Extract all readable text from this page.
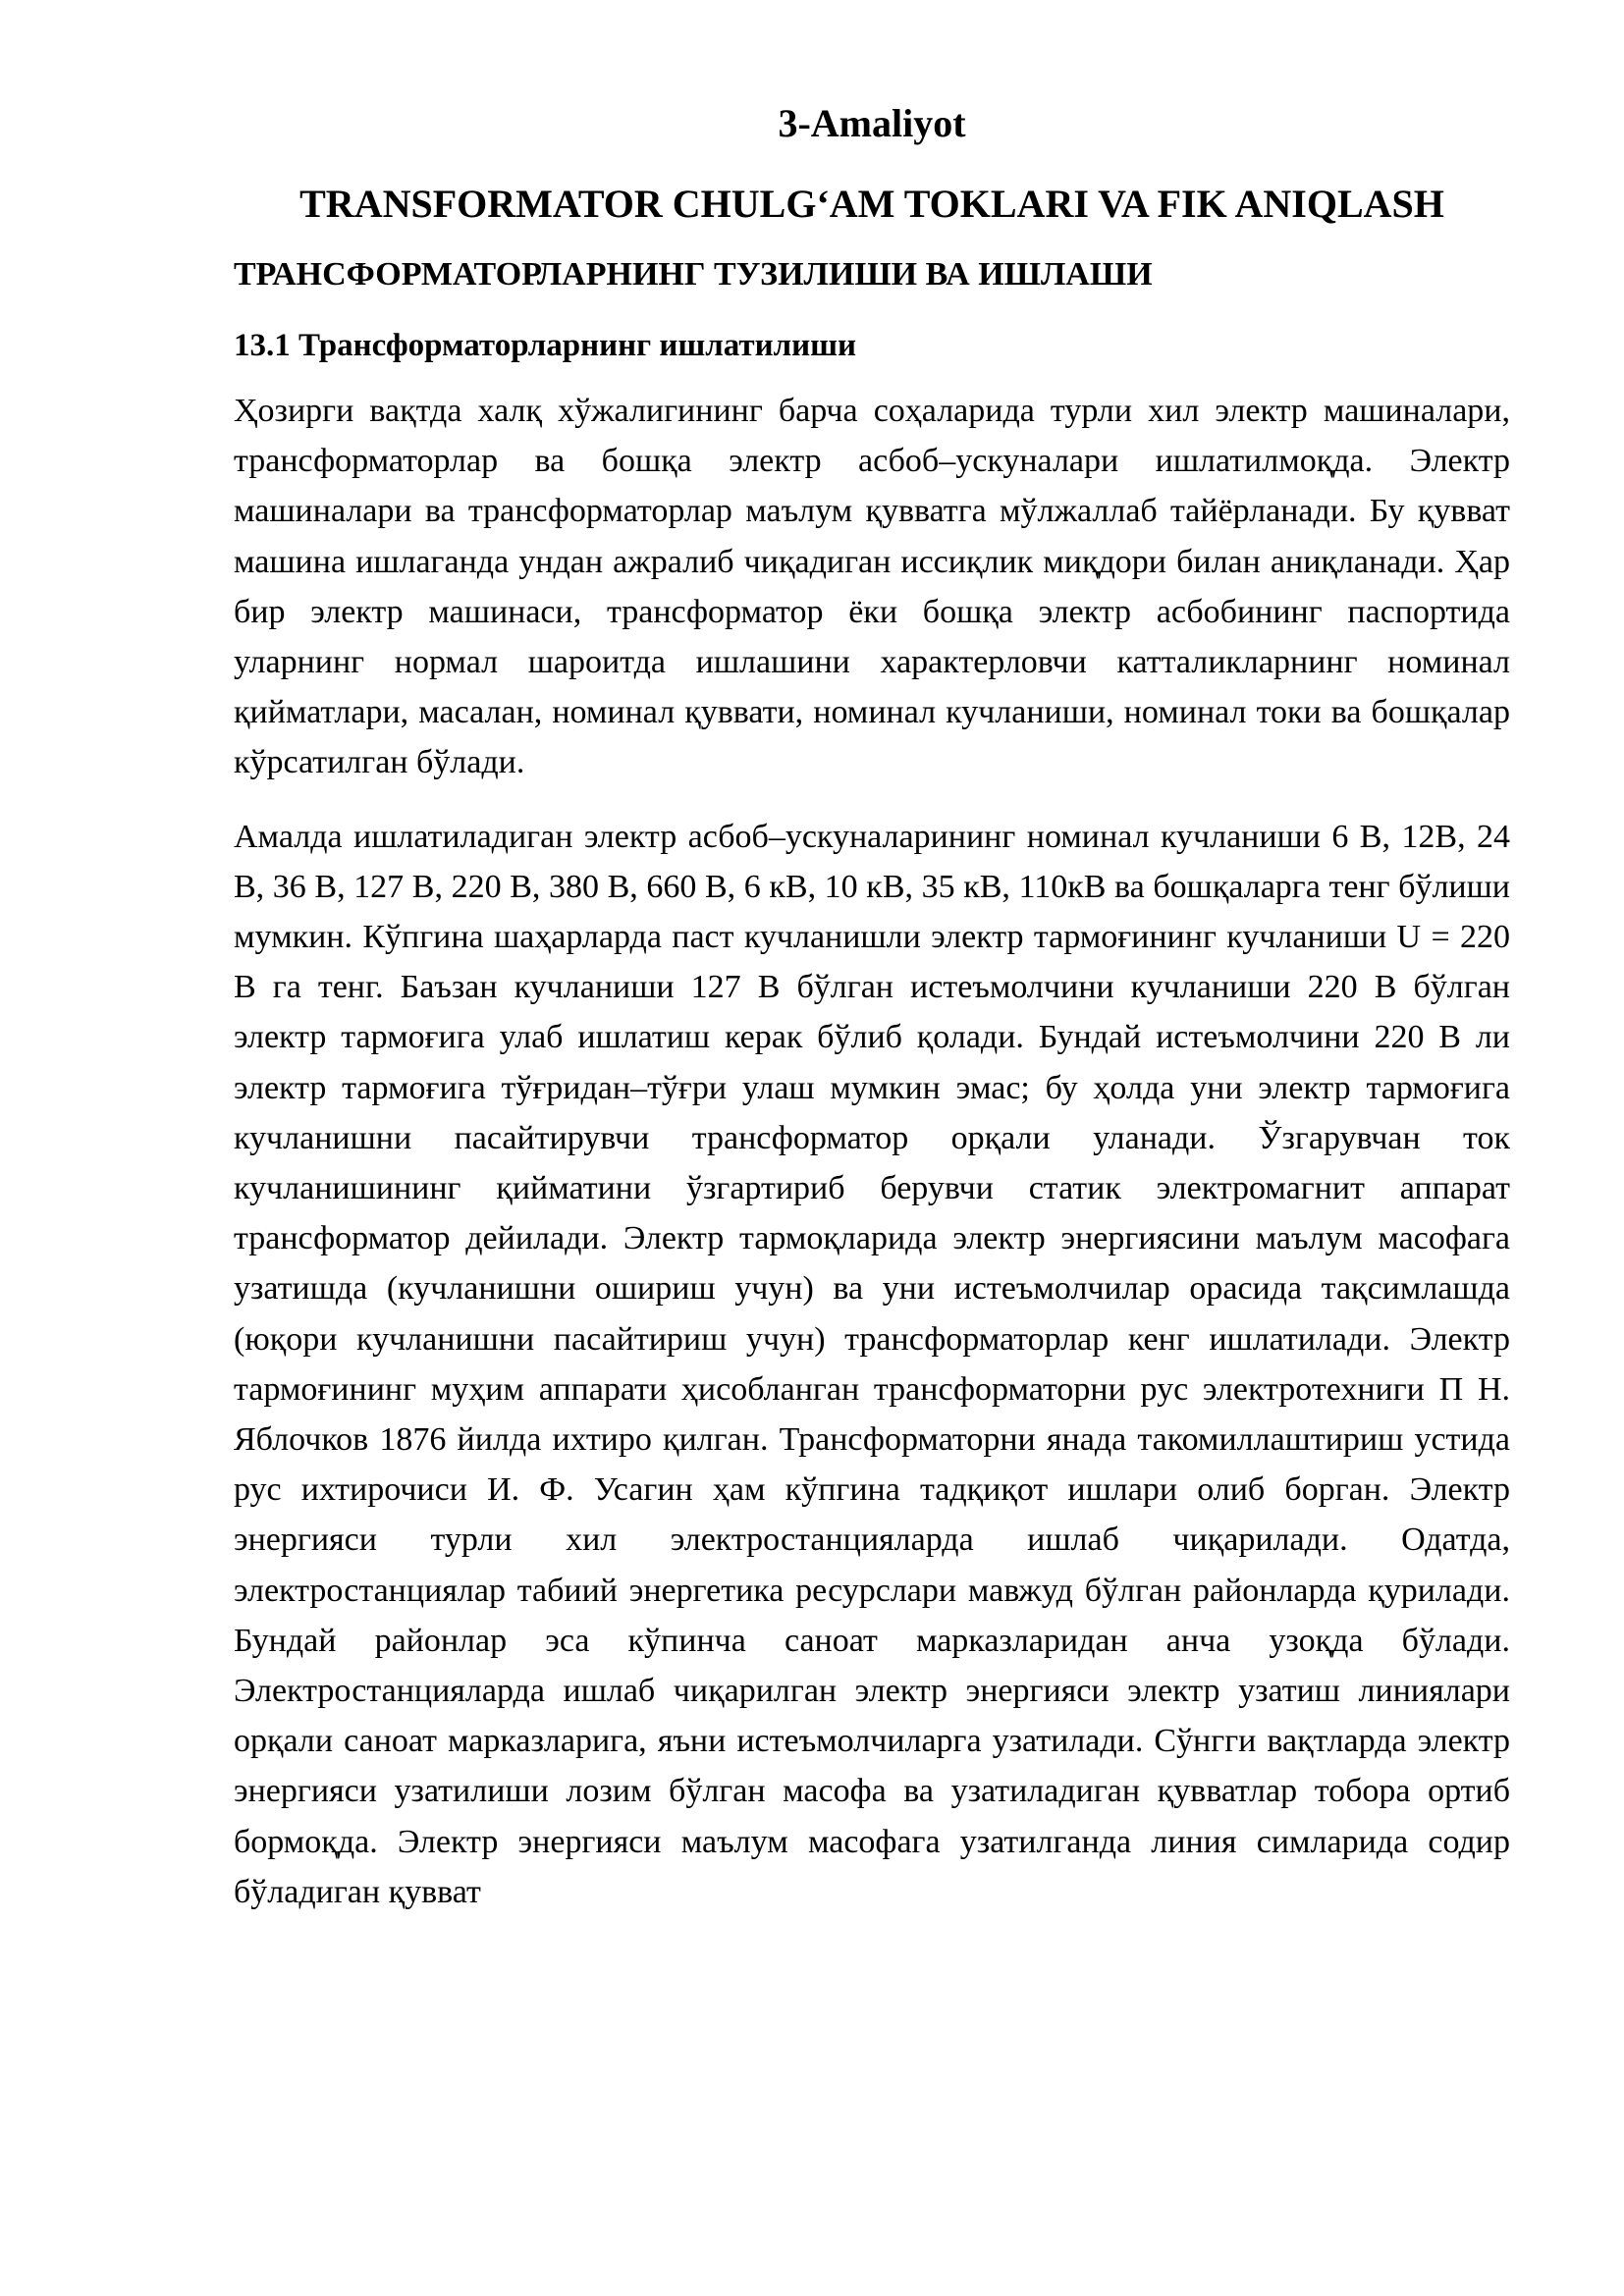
3-Amaliyot
TRANSFORMATOR CHULG‘AM TOKLARI VA FIK ANIQLASH
ТРАНСФОРМАТОРЛАРНИНГ ТУЗИЛИШИ ВА ИШЛАШИ
13.1 Трансформаторларнинг ишлатилиши

Ҳозирги вақтда халқ хўжалигининг барча соҳаларида турли хил электр машиналари, трансформаторлар ва бошқа электр асбоб–ускуналари ишлатилмоқда. Электр машиналари ва трансформаторлар маълум қувватга мўлжаллаб тайёрланади. Бу қувват машина ишлаганда ундан ажралиб чиқадиган иссиқлик миқдори билан аниқланади. Ҳар бир электр машинаси, трансформатор ёки бошқа электр асбобининг паспортида уларнинг нормал шароитда ишлашини характерловчи катталикларнинг номинал қийматлари, масалан, номинал қуввати, номинал кучланиши, номинал токи ва бошқалар кўрсатилган бўлади.

Амалда ишлатиладиган электр асбоб–ускуналарининг номинал кучланиши 6 В, 12В, 24 В, 36 В, 127 В, 220 В, 380 В, 660 В, 6 кВ, 10 кВ, 35 кВ, 110кВ ва бошқаларга тенг бўлиши мумкин. Кўпгина шаҳарларда паст кучланишли электр тармоғининг кучланиши U = 220 В га тенг. Баъзан кучланиши 127 В бўлган истеъмолчини кучланиши 220 В бўлган электр тармоғига улаб ишлатиш керак бўлиб қолади. Бундай истеъмолчини 220 В ли электр тармоғига тўғридан–тўғри улаш мумкин эмас; бу ҳолда уни электр тармоғига кучланишни пасайтирувчи трансформатор орқали уланади. Ўзгарувчан ток кучланишининг қийматини ўзгартириб берувчи статик электромагнит аппарат трансформатор дейилади. Электр тармоқларида электр энергиясини маълум масофага узатишда (кучланишни ошириш учун) ва уни истеъмолчилар орасида тақсимлашда (юқори кучланишни пасайтириш учун) трансформаторлар кенг ишлатилади. Электр тармоғининг муҳим аппарати ҳисобланган трансформаторни рус электротехниги П Н. Яблочков 1876 йилда ихтиро қилган. Трансформаторни янада такомиллаштириш устида рус ихтирочиси И. Ф. Усагин ҳам кўпгина тадқиқот ишлари олиб борган. Электр энергияси турли хил электростанцияларда ишлаб чиқарилади. Одатда, электростанциялар табиий энергетика ресурслари мавжуд бўлган районларда қурилади. Бундай районлар эса кўпинча саноат марказларидан анча узоқда бўлади. Электростанцияларда ишлаб чиқарилган электр энергияси электр узатиш линиялари орқали саноат марказларига, яъни истеъмолчиларга узатилади. Сўнгги вақтларда электр энергияси узатилиши лозим бўлган масофа ва узатиладиган қувватлар тобора ортиб бормоқда. Электр энергияси маълум масофага узатилганда линия симларида содир бўладиган қувват
